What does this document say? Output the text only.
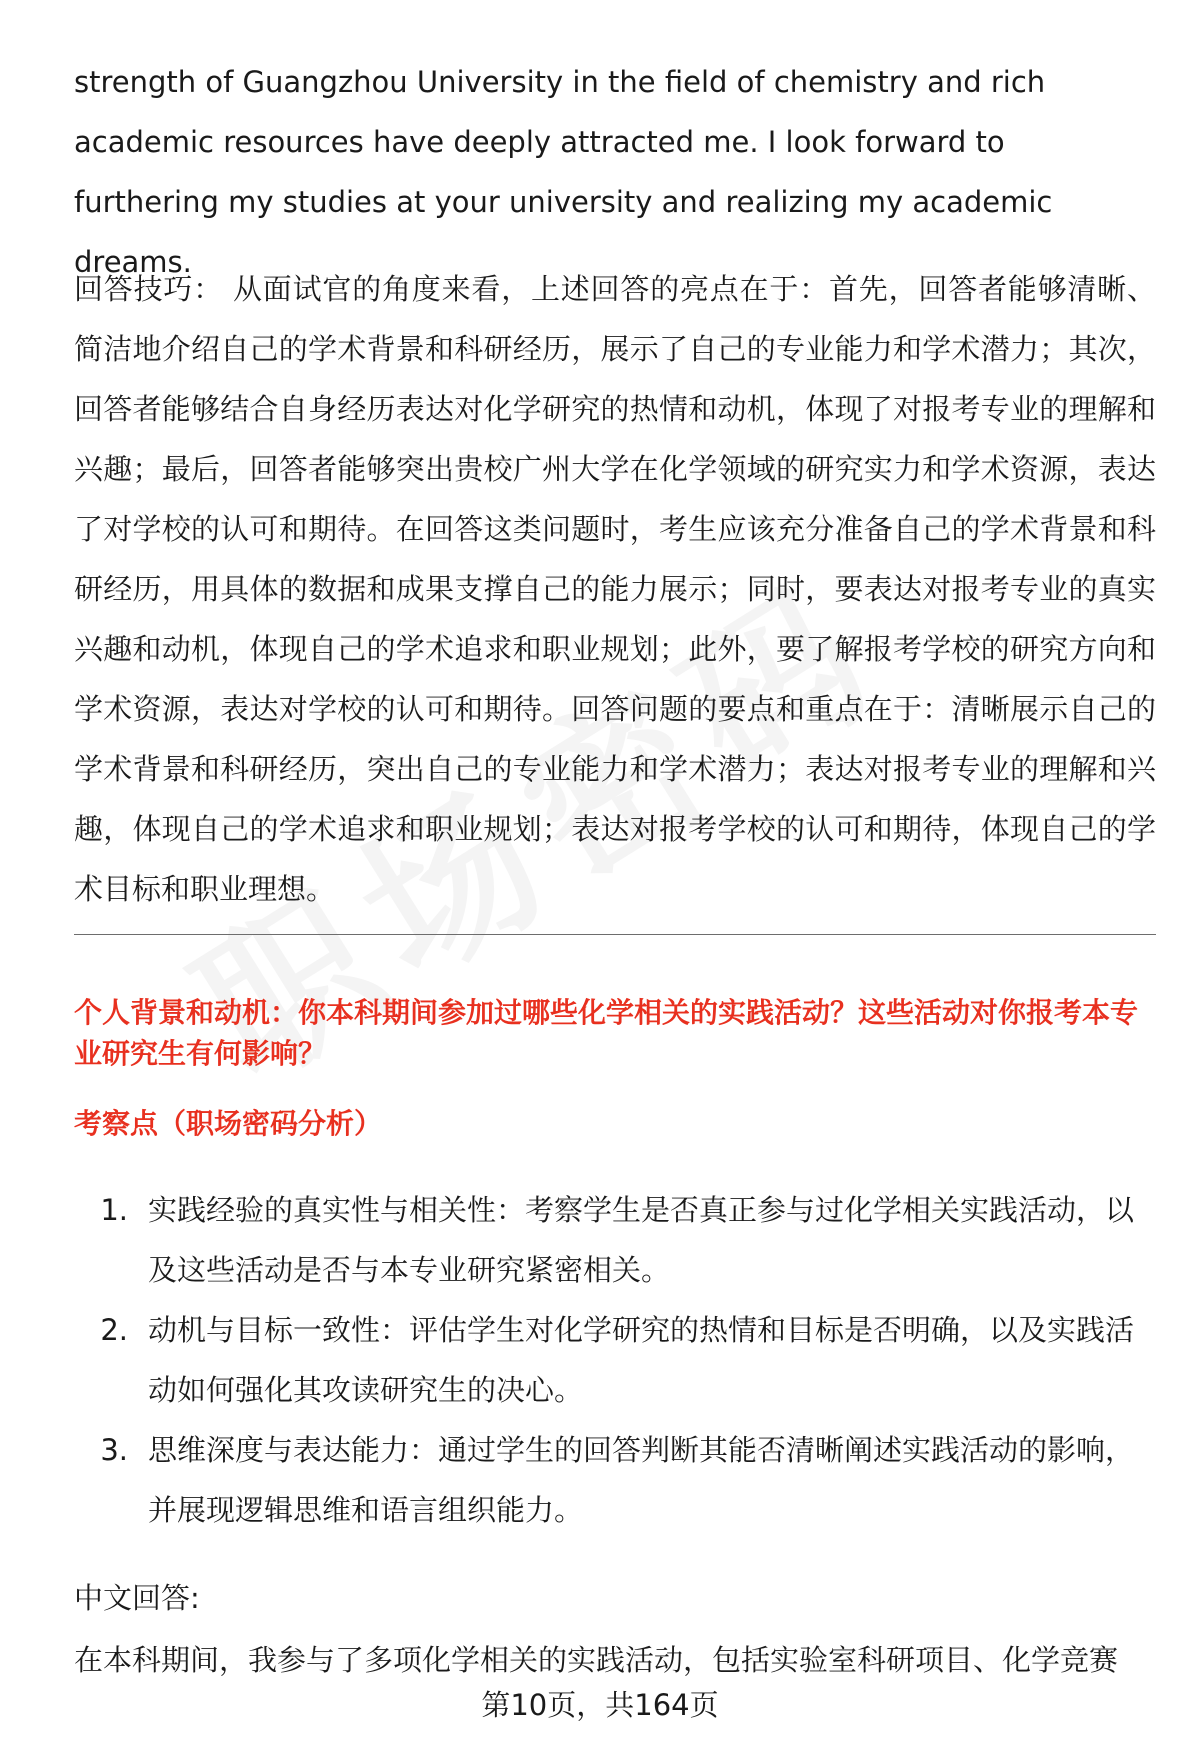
strength of Guangzhou University in the field of chemistry and rich academic resources have deeply attracted me. I look forward to furthering my studies at your university and realizing my academic dreams.
回答技巧： 从面试官的角度来看，上述回答的亮点在于：首先，回答者能够清晰、简洁地介绍自己的学术背景和科研经历，展示了自己的专业能力和学术潜力；其次，回答者能够结合自身经历表达对化学研究的热情和动机，体现了对报考专业的理解和兴趣；最后，回答者能够突出贵校广州大学在化学领域的研究实力和学术资源，表达了对学校的认可和期待。在回答这类问题时，考生应该充分准备自己的学术背景和科研经历，用具体的数据和成果支撑自己的能力展示；同时，要表达对报考专业的真实兴趣和动机，体现自己的学术追求和职业规划；此外，要了解报考学校的研究方向和学术资源，表达对学校的认可和期待。回答问题的要点和重点在于：清晰展示自己的学术背景和科研经历，突出自己的专业能力和学术潜力；表达对报考专业的理解和兴趣，体现自己的学术追求和职业规划；表达对报考学校的认可和期待，体现自己的学术目标和职业理想。
个人背景和动机：你本科期间参加过哪些化学相关的实践活动？这些活动对你报考本专业研究生有何影响？
考察点（职场密码分析）
1. 实践经验的真实性与相关性：考察学生是否真正参与过化学相关实践活动，以及这些活动是否与本专业研究紧密相关。
2. 动机与目标一致性：评估学生对化学研究的热情和目标是否明确，以及实践活动如何强化其攻读研究生的决心。
3. 思维深度与表达能力：通过学生的回答判断其能否清晰阐述实践活动的影响，并展现逻辑思维和语言组织能力。
中文回答:
在本科期间，我参与了多项化学相关的实践活动，包括实验室科研项目、化学竞赛
第10页，共164页
